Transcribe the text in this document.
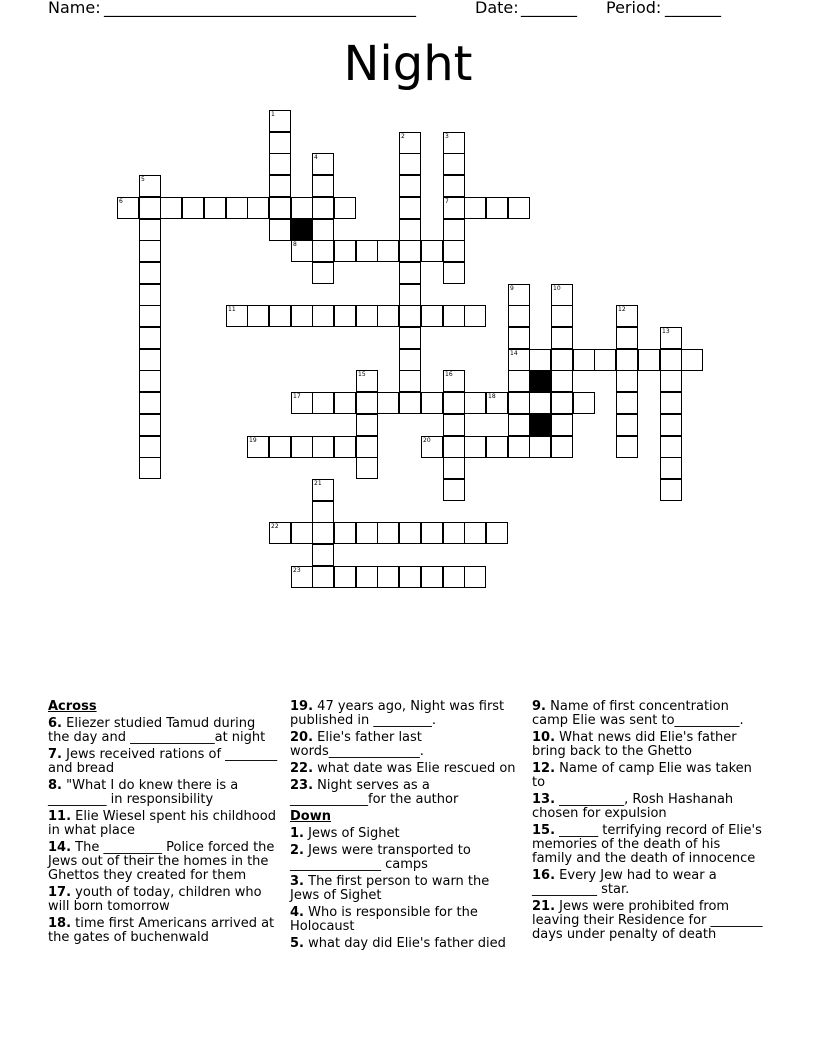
Name: _______________________________________	Date: _______ Period: _______
Night
6	7
8
11
14
17	18
19	20
22
23
1
2	3
4
5
9	10
12
13
15	16
21
Across
6. Eliezer studied Tamud during the day and _____________at night
7. Jews received rations of ________ and bread
8. "What I do knew there is a _________ in responsibility
11. Elie Wiesel spent his childhood in what place
14. The _________ Police forced the Jews out of their the homes in the Ghettos they created for them
17. youth of today, children who will born tomorrow
18. time first Americans arrived at the gates of buchenwald
19. 47 years ago, Night was first published in _________.
20. Elie's father last words______________.
22. what date was Elie rescued on
23. Night serves as a ____________for the author
Down
1. Jews of Sighet
2. Jews were transported to ______________ camps
3. The first person to warn the Jews of Sighet
4. Who is responsible for the Holocaust
5. what day did Elie's father died
9. Name of first concentration camp Elie was sent to__________.
10. What news did Elie's father bring back to the Ghetto
12. Name of camp Elie was taken to
13. __________, Rosh Hashanah chosen for expulsion
15. ______ terrifying record of Elie's memories of the death of his family and the death of innocence
16. Every Jew had to wear a __________ star.
21. Jews were prohibited from leaving their Residence for ________ days under penalty of death
